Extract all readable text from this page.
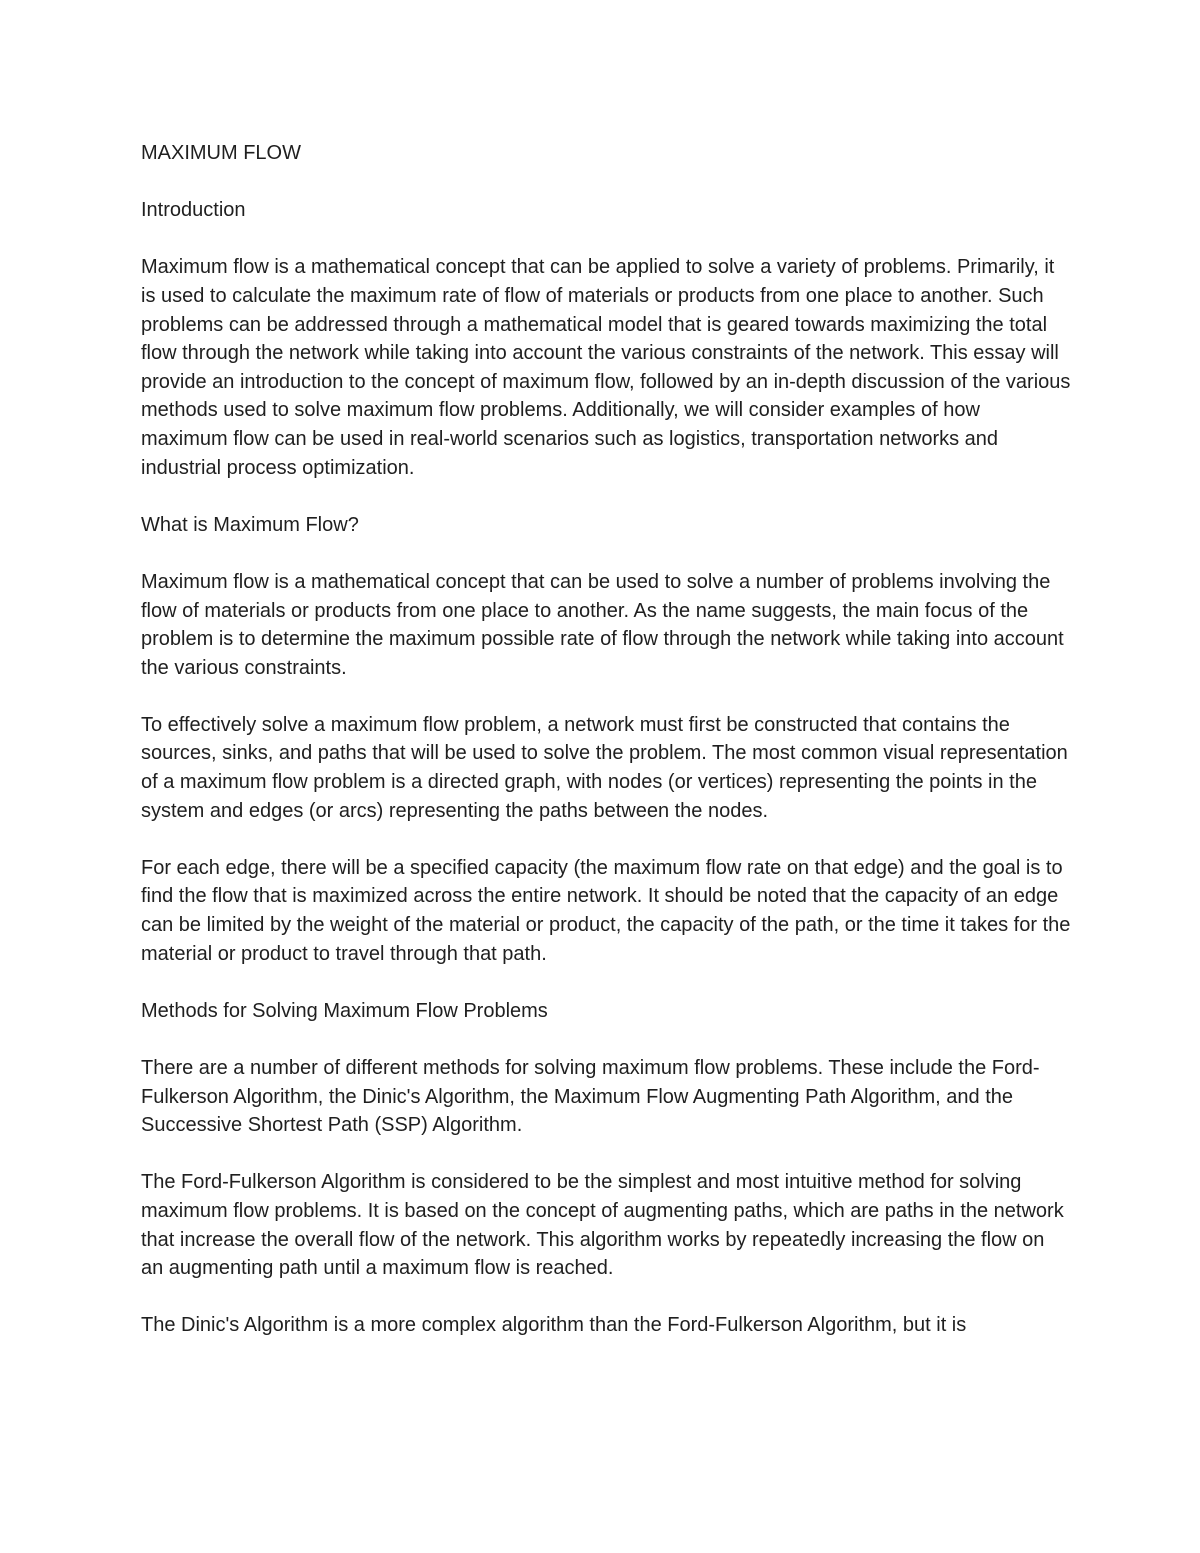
MAXIMUM FLOW

Introduction

Maximum flow is a mathematical concept that can be applied to solve a variety of problems. Primarily, it is used to calculate the maximum rate of flow of materials or products from one place to another. Such problems can be addressed through a mathematical model that is geared towards maximizing the total flow through the network while taking into account the various constraints of the network. This essay will provide an introduction to the concept of maximum flow, followed by an in-depth discussion of the various methods used to solve maximum flow problems. Additionally, we will consider examples of how maximum flow can be used in real-world scenarios such as logistics, transportation networks and industrial process optimization.

What is Maximum Flow?

Maximum flow is a mathematical concept that can be used to solve a number of problems involving the flow of materials or products from one place to another. As the name suggests, the main focus of the problem is to determine the maximum possible rate of flow through the network while taking into account the various constraints.

To effectively solve a maximum flow problem, a network must first be constructed that contains the sources, sinks, and paths that will be used to solve the problem. The most common visual representation of a maximum flow problem is a directed graph, with nodes (or vertices) representing the points in the system and edges (or arcs) representing the paths between the nodes.

For each edge, there will be a specified capacity (the maximum flow rate on that edge) and the goal is to find the flow that is maximized across the entire network. It should be noted that the capacity of an edge can be limited by the weight of the material or product, the capacity of the path, or the time it takes for the material or product to travel through that path.

Methods for Solving Maximum Flow Problems

There are a number of different methods for solving maximum flow problems. These include the Ford-Fulkerson Algorithm, the Dinic's Algorithm, the Maximum Flow Augmenting Path Algorithm, and the Successive Shortest Path (SSP) Algorithm.

The Ford-Fulkerson Algorithm is considered to be the simplest and most intuitive method for solving maximum flow problems. It is based on the concept of augmenting paths, which are paths in the network that increase the overall flow of the network. This algorithm works by repeatedly increasing the flow on an augmenting path until a maximum flow is reached.

The Dinic's Algorithm is a more complex algorithm than the Ford-Fulkerson Algorithm, but it is
